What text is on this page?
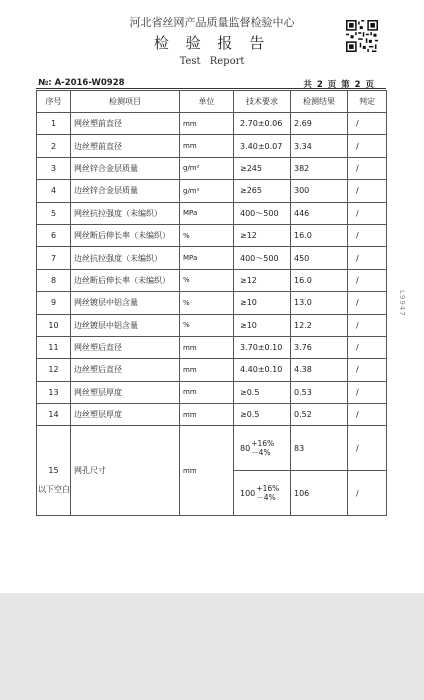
河北省丝网产品质量监督检验中心
检 验 报 告
Test Report
№: A-2016-W0928	共 2 页 第 2 页
序号	检测项目	单位	技术要求	检测结果	判定
1	网丝塑前直径	mm	2.70±0.06	2.69	/
2	边丝塑前直径	mm	3.40±0.07	3.34	/
3	网丝锌合金层质量	g/m²	≥245	382	/
4	边丝锌合金层质量	g/m²	≥265	300	/
5	网丝抗拉强度（未编织）	MPa	400～500	446	/
6	网丝断后伸长率（未编织）	%	≥12	16.0	/
7	边丝抗拉强度（未编织）	MPa	400～500	450	/
8	边丝断后伸长率（未编织）	%	≥12	16.0	/
9	网丝镀层中铝含量	%	≥10	13.0	/
10	边丝镀层中铝含量	%	≥10	12.2	/
11	网丝塑后直径	mm	3.70±0.10	3.76	/
12	边丝塑后直径	mm	4.40±0.10	4.38	/
13	网丝塑层厚度	mm	≥0.5	0.53	/
14	边丝塑层厚度	mm	≥0.5	0.52	/
15	网孔尺寸	mm	80 +16%
－4%	83	/

			100 +16%
－4%	106	/
以下空白
L9947
